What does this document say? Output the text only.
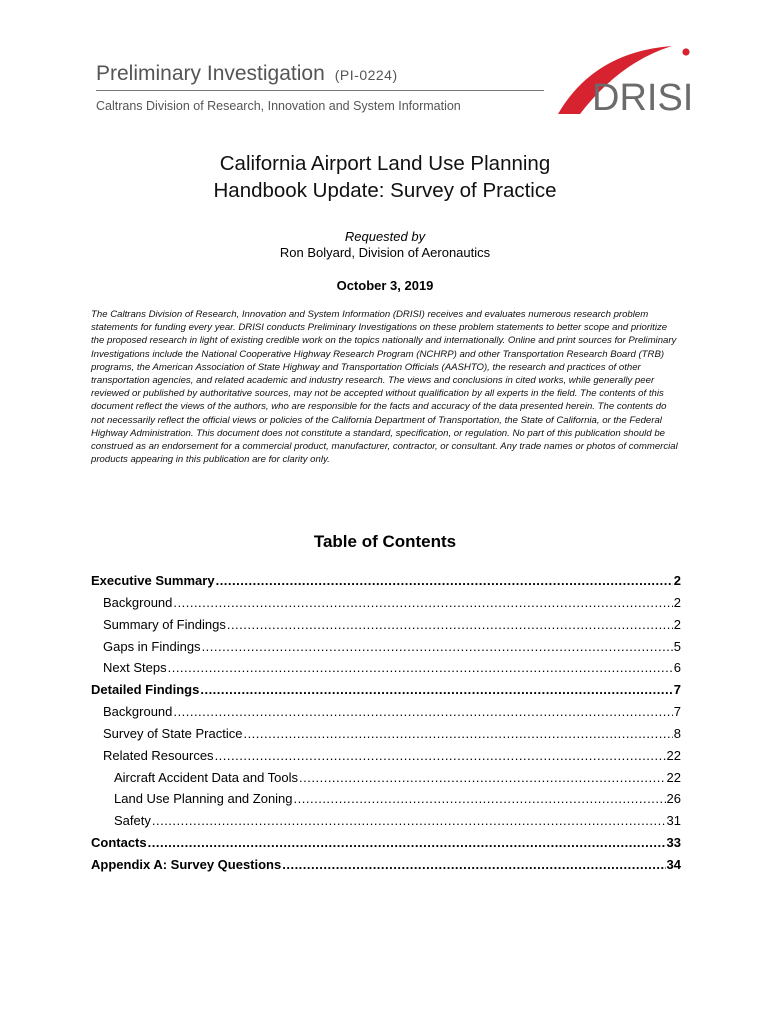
Preliminary Investigation (PI-0224)
Caltrans Division of Research, Innovation and System Information	DRISI
California Airport Land Use Planning
Handbook Update: Survey of Practice
Requested by
Ron Bolyard, Division of Aeronautics
October 3, 2019
The Caltrans Division of Research, Innovation and System Information (DRISI) receives and evaluates numerous research problem statements for funding every year. DRISI conducts Preliminary Investigations on these problem statements to better scope and prioritize the proposed research in light of existing credible work on the topics nationally and internationally. Online and print sources for Preliminary Investigations include the National Cooperative Highway Research Program (NCHRP) and other Transportation Research Board (TRB) programs, the American Association of State Highway and Transportation Officials (AASHTO), the research and practices of other transportation agencies, and related academic and industry research. The views and conclusions in cited works, while generally peer reviewed or published by authoritative sources, may not be accepted without qualification by all experts in the field. The contents of this document reflect the views of the authors, who are responsible for the facts and accuracy of the data presented herein. The contents do not necessarily reflect the official views or policies of the California Department of Transportation, the State of California, or the Federal Highway Administration. This document does not constitute a standard, specification, or regulation. No part of this publication should be construed as an endorsement for a commercial product, manufacturer, contractor, or consultant. Any trade names or photos of commercial products appearing in this publication are for clarity only.
Table of Contents
Executive Summary .....	2
Background .....	2
Summary of Findings .....	2
Gaps in Findings .....	5
Next Steps .....	6
Detailed Findings .....	7
Background .....	7
Survey of State Practice .....	8
Related Resources .....	22
Aircraft Accident Data and Tools .....	22
Land Use Planning and Zoning .....	26
Safety .....	31
Contacts .....	33
Appendix A: Survey Questions .....	34
